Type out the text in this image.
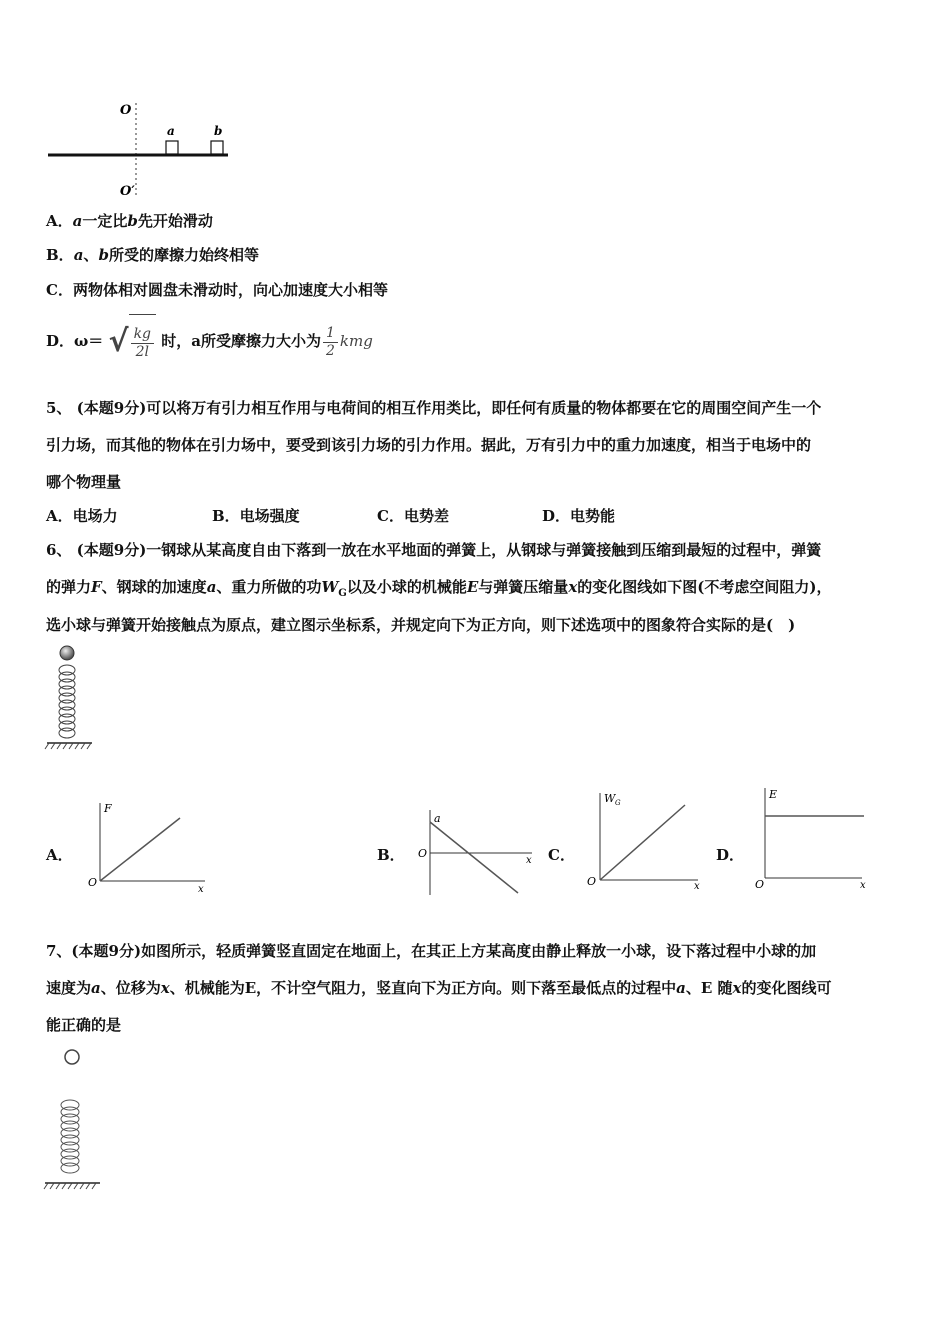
O
a	b
O′
A．a一定比b先开始滑动
B．a、b所受的摩擦力始终相等
C．两物体相对圆盘未滑动时，向心加速度大小相等
D．ω＝ √ $\frac{kg}{2l}$ 时，a所受摩擦力大小为 $\frac{1}{2}$ kmg
5、 (本题9分)可以将万有引力相互作用与电荷间的相互作用类比，即任何有质量的物体都要在它的周围空间产生一个
引力场，而其他的物体在引力场中，要受到该引力场的引力作用。据此，万有引力中的重力加速度，相当于电场中的
哪个物理量
A．电场力	B．电场强度	C．电势差	D．电势能
6、 (本题9分)一钢球从某高度自由下落到一放在水平地面的弹簧上，从钢球与弹簧接触到压缩到最短的过程中，弹簧
的弹力F、钢球的加速度a、重力所做的功$W_G$以及小球的机械能E与弹簧压缩量x的变化图线如下图(不考虑空间阻力)，
选小球与弹簧开始接触点为原点，建立图示坐标系，并规定向下为正方向，则下述选项中的图象符合实际的是(　)
A．	B．	C．	D．
F
x
O
a
x
O
W G
x
O
E
x
O
7、(本题9分)如图所示，轻质弹簧竖直固定在地面上，在其正上方某高度由静止释放一小球，设下落过程中小球的加
速度为a、位移为x、机械能为E，不计空气阻力，竖直向下为正方向。则下落至最低点的过程中a、E 随x的变化图线可
能正确的是
